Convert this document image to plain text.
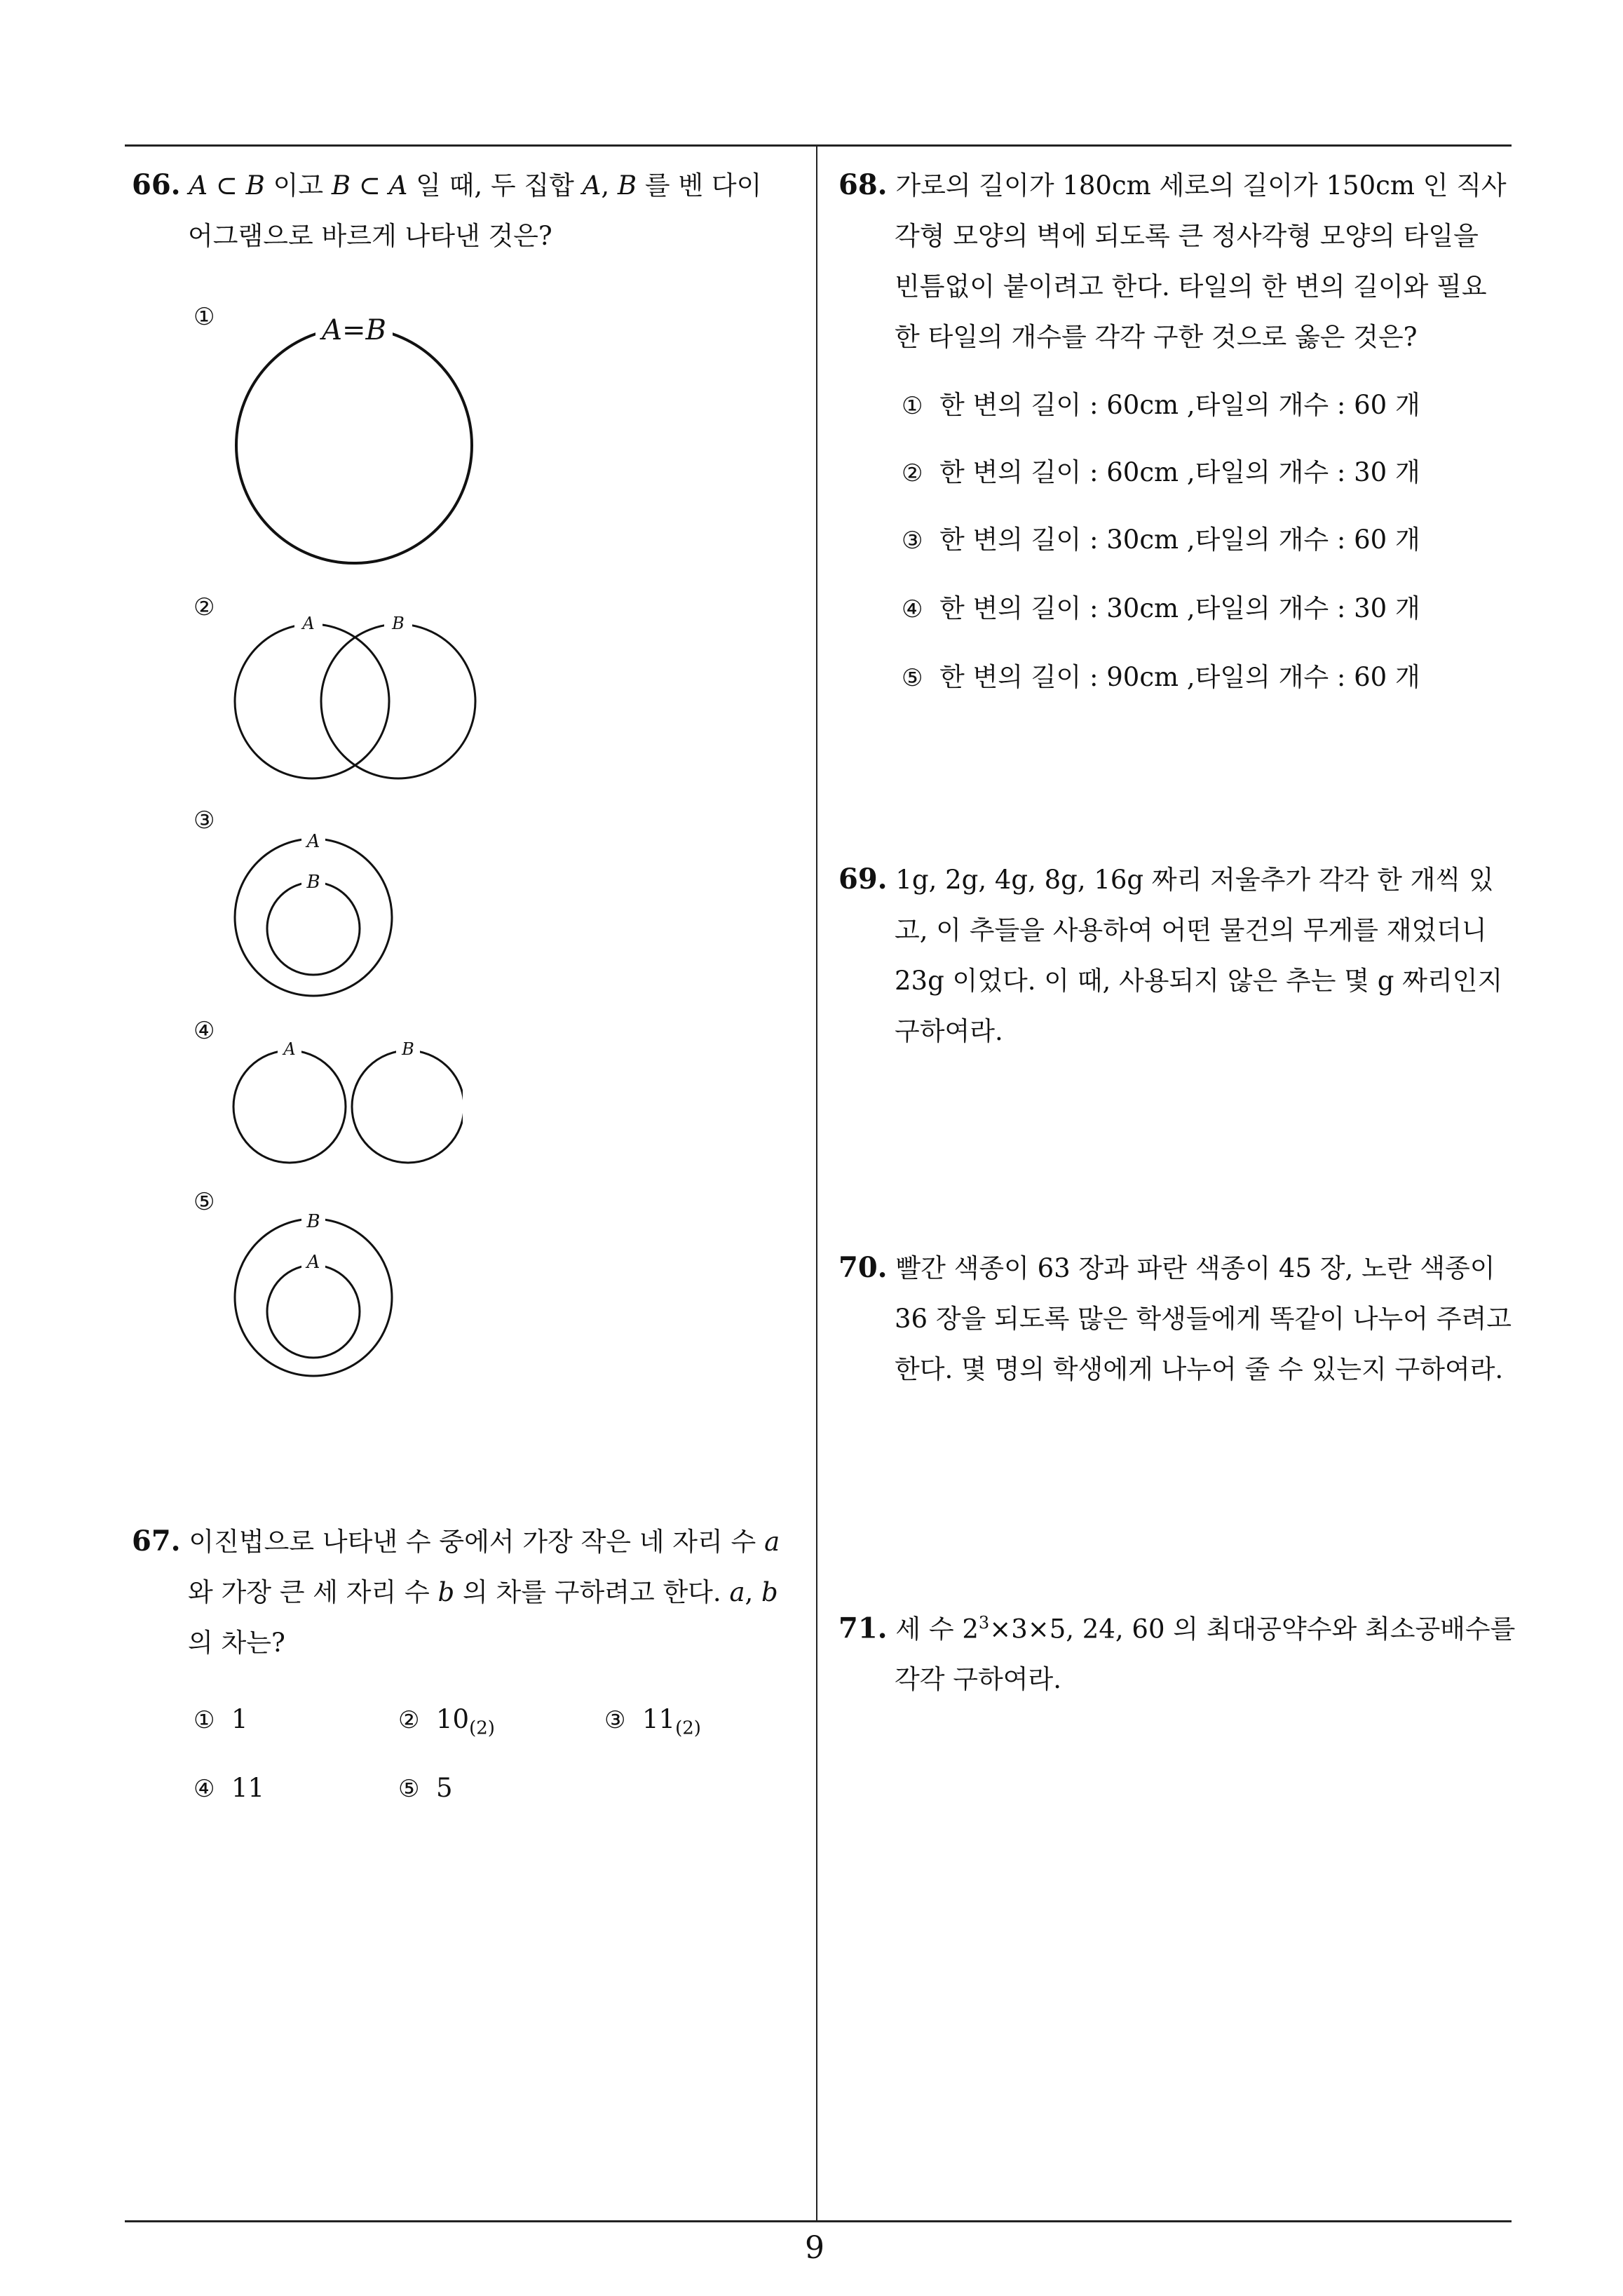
66. A ⊂ B 이고 B ⊂ A 일 때, 두 집합 A, B 를 벤 다이
어그램으로 바르게 나타낸 것은?
①	A=B
②
A	B
③
A
B
④
A	B
⑤
B
A
67. 이진법으로 나타낸 수 중에서 가장 작은 네 자리 수 a
와 가장 큰 세 자리 수 b 의 차를 구하려고 한다. a, b
의 차는?
① 1	② $10_{(2)}$	③ $11_{(2)}$
④ 11	⑤ 5
68. 가로의 길이가 180cm 세로의 길이가 150cm 인 직사
각형 모양의 벽에 되도록 큰 정사각형 모양의 타일을
빈틈없이 붙이려고 한다. 타일의 한 변의 길이와 필요
한 타일의 개수를 각각 구한 것으로 옳은 것은?
① 한 변의 길이 : 60cm ,타일의 개수 : 60 개
② 한 변의 길이 : 60cm ,타일의 개수 : 30 개
③ 한 변의 길이 : 30cm ,타일의 개수 : 60 개
④ 한 변의 길이 : 30cm ,타일의 개수 : 30 개
⑤ 한 변의 길이 : 90cm ,타일의 개수 : 60 개
69. 1g, 2g, 4g, 8g, 16g 짜리 저울추가 각각 한 개씩 있
고, 이 추들을 사용하여 어떤 물건의 무게를 재었더니
23g 이었다. 이 때, 사용되지 않은 추는 몇 g 짜리인지
구하여라.
70. 빨간 색종이 63 장과 파란 색종이 45 장, 노란 색종이
36 장을 되도록 많은 학생들에게 똑같이 나누어 주려고
한다. 몇 명의 학생에게 나누어 줄 수 있는지 구하여라.
71. 세 수 $2^3\times 3\times 5$, 24, 60 의 최대공약수와 최소공배수를
각각 구하여라.
9
